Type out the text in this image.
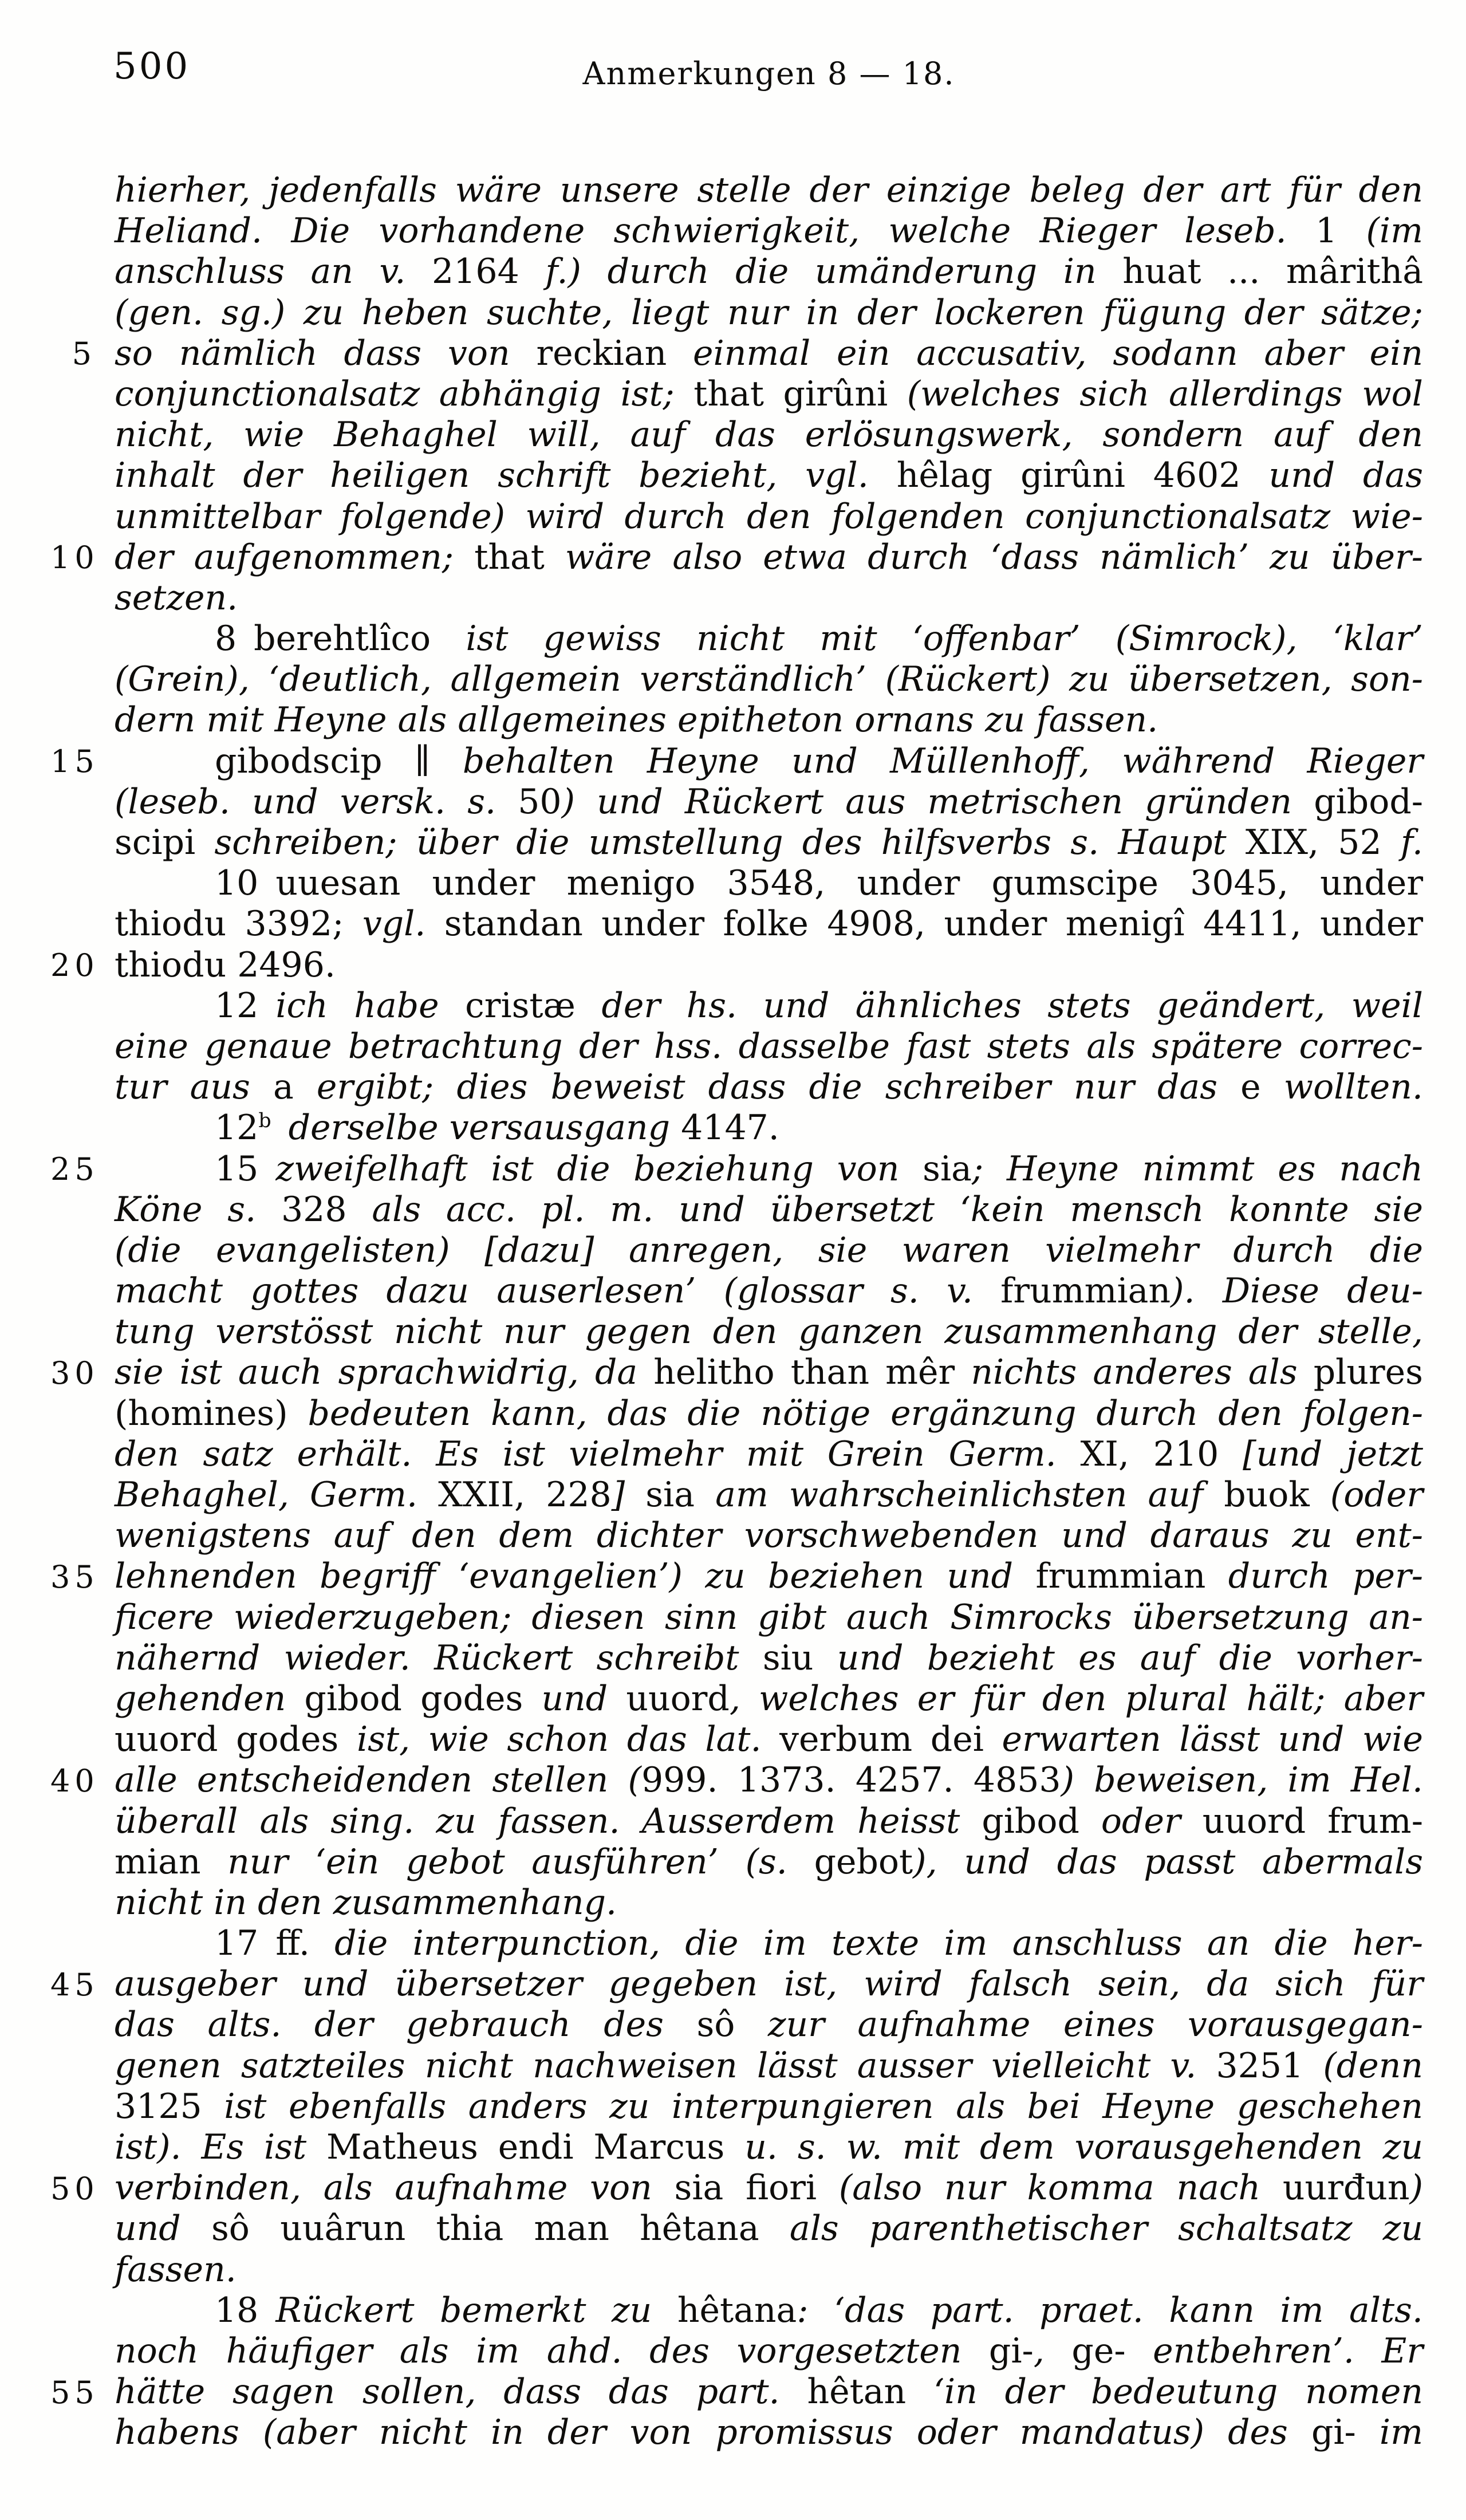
500	Anmerkungen 8 — 18.
5
10
15
20
25
30
35
40
45
50
55
hierher, jedenfalls wäre unsere stelle der einzige beleg der art für den
Heliand. Die vorhandene schwierigkeit, welche Rieger leseb. 1 (im
anschluss an v. 2164 f.) durch die umänderung in huat ... mârithâ
(gen. sg.) zu heben suchte, liegt nur in der lockeren fügung der sätze;
so nämlich dass von reckian einmal ein accusativ, sodann aber ein
conjunctionalsatz abhängig ist; that girûni (welches sich allerdings wol
nicht, wie Behaghel will, auf das erlösungswerk, sondern auf den
inhalt der heiligen schrift bezieht, vgl. hêlag girûni 4602 und das
unmittelbar folgende) wird durch den folgenden conjunctionalsatz wie-
der aufgenommen; that wäre also etwa durch ‘dass nämlich’ zu über-
setzen.
8 berehtlîco ist gewiss nicht mit ‘offenbar’ (Simrock), ‘klar’
(Grein), ‘deutlich, allgemein verständlich’ (Rückert) zu übersetzen, son-
dern mit Heyne als allgemeines epitheton ornans zu fassen.
gibodscip ∥ behalten Heyne und Müllenhoff, während Rieger
(leseb. und versk. s. 50) und Rückert aus metrischen gründen gibod-
scipi schreiben; über die umstellung des hilfsverbs s. Haupt XIX, 52 f.
10 uuesan under menigo 3548, under gumscipe 3045, under
thiodu 3392; vgl. standan under folke 4908, under menigî 4411, under
thiodu 2496.
12 ich habe cristæ der hs. und ähnliches stets geändert, weil
eine genaue betrachtung der hss. dasselbe fast stets als spätere correc-
tur aus a ergibt; dies beweist dass die schreiber nur das e wollten.
12$^b$ derselbe versausgang 4147.
15 zweifelhaft ist die beziehung von sia; Heyne nimmt es nach
Köne s. 328 als acc. pl. m. und übersetzt ‘kein mensch konnte sie
(die evangelisten) [dazu] anregen, sie waren vielmehr durch die
macht gottes dazu auserlesen’ (glossar s. v. frummian). Diese deu-
tung verstösst nicht nur gegen den ganzen zusammenhang der stelle,
sie ist auch sprachwidrig, da helitho than mêr nichts anderes als plures
(homines) bedeuten kann, das die nötige ergänzung durch den folgen-
den satz erhält. Es ist vielmehr mit Grein Germ. XI, 210 [und jetzt
Behaghel, Germ. XXII, 228] sia am wahrscheinlichsten auf buok (oder
wenigstens auf den dem dichter vorschwebenden und daraus zu ent-
lehnenden begriff ‘evangelien’) zu beziehen und frummian durch per-
ficere wiederzugeben; diesen sinn gibt auch Simrocks übersetzung an-
nähernd wieder. Rückert schreibt siu und bezieht es auf die vorher-
gehenden gibod godes und uuord, welches er für den plural hält; aber
uuord godes ist, wie schon das lat. verbum dei erwarten lässt und wie
alle entscheidenden stellen (999. 1373. 4257. 4853) beweisen, im Hel.
überall als sing. zu fassen. Ausserdem heisst gibod oder uuord frum-
mian nur ‘ein gebot ausführen’ (s. gebot), und das passt abermals
nicht in den zusammenhang.
17 ff. die interpunction, die im texte im anschluss an die her-
ausgeber und übersetzer gegeben ist, wird falsch sein, da sich für
das alts. der gebrauch des sô zur aufnahme eines vorausgegan-
genen satzteiles nicht nachweisen lässt ausser vielleicht v. 3251 (denn
3125 ist ebenfalls anders zu interpungieren als bei Heyne geschehen
ist). Es ist Matheus endi Marcus u. s. w. mit dem vorausgehenden zu
verbinden, als aufnahme von sia fiori (also nur komma nach uurđun)
und sô uuârun thia man hêtana als parenthetischer schaltsatz zu
fassen.
18 Rückert bemerkt zu hêtana: ‘das part. praet. kann im alts.
noch häufiger als im ahd. des vorgesetzten gi-, ge- entbehren’. Er
hätte sagen sollen, dass das part. hêtan ‘in der bedeutung nomen
habens (aber nicht in der von promissus oder mandatus) des gi- im
